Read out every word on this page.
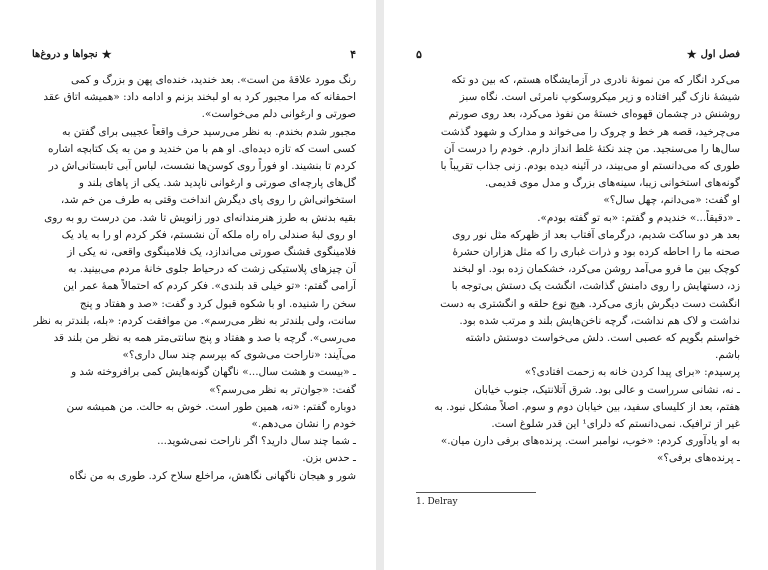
۴
★
نجواها و دروغ‌ها

رنگ مورد علاقهٔ من است». بعد خندید، خنده‌ای پهن و بزرگ و کمی

احمقانه که مرا مجبور کرد به او لبخند بزنم و ادامه داد: «همیشه اتاق عقد

صورتی و ارغوانی دلم می‌خواست».

مجبور شدم بخندم. به نظر می‌رسید حرف واقعاً عجیبی برای گفتن به

کسی است که تازه دیده‌ای. او هم با من خندید و من به یک کتابچه اشاره

کردم تا بنشیند. او فوراً روی کوسن‌ها نشست، لباس آبی تابستانی‌اش در

گل‌های پارچه‌ای صورتی و ارغوانی ناپدید شد. یکی از پاهای بلند و

استخوانی‌اش را روی پای دیگرش انداخت وقتی به طرف من خم شد،

بقیه بدنش به طرز هنرمندانه‌ای دور زانویش تا شد. من درست رو به روی

او روی لبهٔ صندلی راه راه ملکه آن نشستم، فکر کردم او را به یاد یک

فلامینگوی قشنگ صورتی می‌اندازد، یک فلامینگوی واقعی، نه یکی از

آن چیزهای پلاستیکی زشت که درحیاط جلوی خانهٔ مردم می‌بینید. به

آرامی گفتم: «تو خیلی قد بلندی». فکر کردم که احتمالاً همهٔ عمر این

سخن را شنیده. او با شکوه قبول کرد و گفت: «صد و هفتاد و پنج

سانت، ولی بلندتر به نظر می‌رسم». من موافقت کردم: «بله، بلندتر به نظر

می‌رسی». گرچه با صد و هفتاد و پنج سانتی‌متر همه به نظر من بلند قد

می‌آیند: «ناراحت می‌شوی که بپرسم چند سال داری؟»

ـ «بیست و هشت سال...» ناگهان گونه‌هایش کمی برافروخته شد و

گفت: «جوان‌تر به نظر می‌رسم؟»

دوباره گفتم: «نه، همین طور است. خوش به حالت. من همیشه سن

خودم را نشان می‌دهم.»

ـ شما چند سال دارید؟ اگر ناراحت نمی‌شوید...

ـ حدس بزن.

شور و هیجان ناگهانی نگاهش، مراخلع سلاح کرد. طوری به من نگاه

فصل اول
★
۵

می‌کرد انگار که من نمونهٔ نادری در آزمایشگاه هستم، که بین دو تکه

شیشهٔ نازک گیر افتاده و زیر میکروسکوپ نامرئی است. نگاه سبز

روشنش در چشمان قهوه‌ای خستهٔ من نفوذ می‌کرد، بعد روی صورتم

می‌چرخید، قصه هر خط و چروک را می‌خواند و مدارک و شهود گذشت

سال‌ها را می‌سنجید. من چند نکتهٔ غلط انداز دارم. خودم را درست آن

طوری که می‌دانستم او می‌بیند، در آئینه دیده بودم. زنی جذاب تقریباً با

گونه‌های استخوانی زیبا، سینه‌های بزرگ و مدل موی قدیمی.

او گفت: «می‌دانم، چهل سال؟»

ـ «دقیقاً...» خندیدم و گفتم: «به تو گفته بودم».

بعد هر دو ساکت شدیم، درگرمای آفتاب بعد از ظهرکه مثل نور روی

صحنه ما را احاطه کرده بود و ذرات غباری را که مثل هزاران حشرهٔ

کوچک بین ما فرو می‌آمد روشن می‌کرد، خشکمان زده بود. او لبخند

زد، دستهایش را روی دامنش گذاشت، انگشت یک دستش بی‌توجه با

انگشت دست دیگرش بازی می‌کرد. هیچ نوع حلقه و انگشتری به دست

نداشت و لاک هم نداشت، گرچه ناخن‌هایش بلند و مرتب شده بود.

خواستم بگویم که عصبی است. دلش می‌خواست دوستش داشته

باشم.

پرسیدم: «برای پیدا کردن خانه به زحمت افتادی؟»

ـ نه، نشانی سرراست و عالی بود. شرق آتلانتیک، جنوب خیابان

هفتم، بعد از کلیسای سفید، بین خیابان دوم و سوم. اصلاً مشکل نبود. به

غیر از ترافیک. نمی‌دانستم که دلرای¹ این قدر شلوغ است.

به او یادآوری کردم: «خوب، نوامبر است. پرنده‌های برفی دارن میان.»

ـ پرنده‌های برفی؟»

1. Delray
